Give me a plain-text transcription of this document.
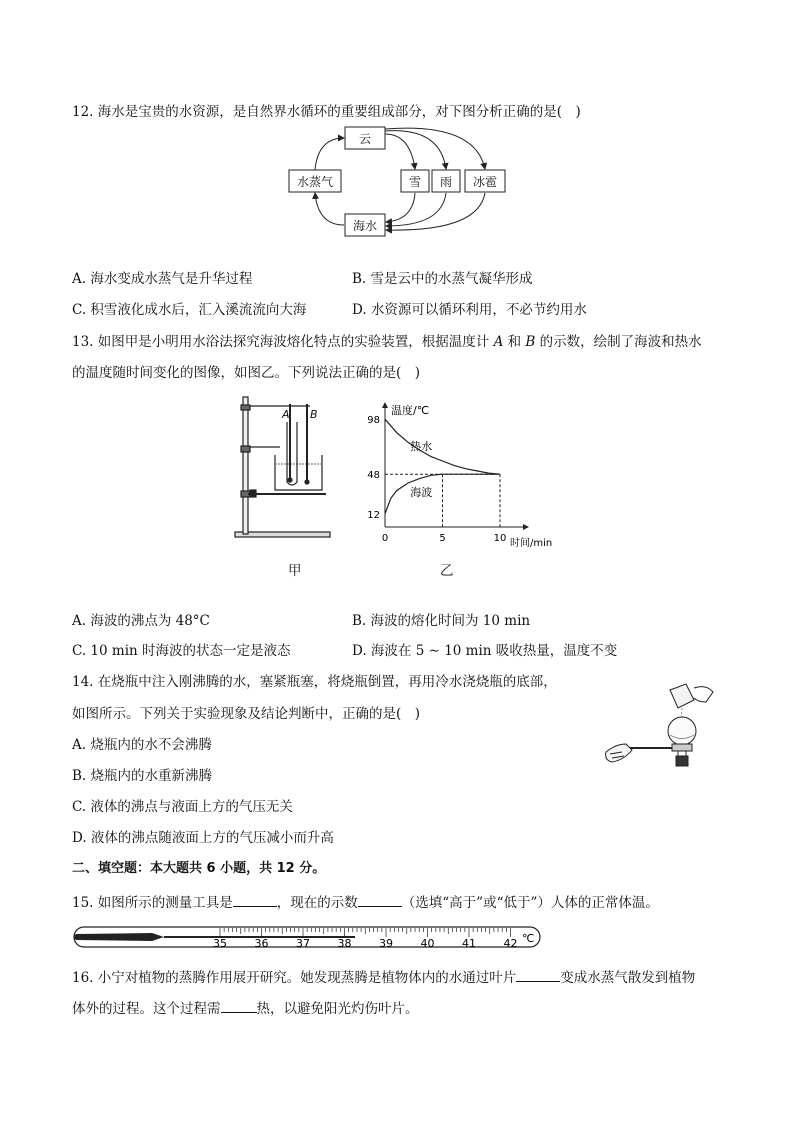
12. 海水是宝贵的水资源，是自然界水循环的重要组成部分，对下图分析正确的是(　)
云
水蒸气	雪 雨 冰雹
海水
A. 海水变成水蒸气是升华过程	B. 雪是云中的水蒸气凝华形成
C. 积雪液化成水后，汇入溪流流向大海	D. 水资源可以循环利用，不必节约用水
13. 如图甲是小明用水浴法探究海波熔化特点的实验装置，根据温度计 A 和 B 的示数，绘制了海波和热水
的温度随时间变化的图像，如图乙。下列说法正确的是(　)
A B
甲
温度/℃
时间/min
98
48
12
0	5	10
热水
海波
乙
A. 海波的沸点为 48°C	B. 海波的熔化时间为 10 min
C. 10 min 时海波的状态一定是液态	D. 海波在 5 ∼ 10 min 吸收热量，温度不变
14. 在烧瓶中注入刚沸腾的水，塞紧瓶塞，将烧瓶倒置，再用冷水浇烧瓶的底部，
如图所示。下列关于实验现象及结论判断中，正确的是(　)
A. 烧瓶内的水不会沸腾
B. 烧瓶内的水重新沸腾
C. 液体的沸点与液面上方的气压无关
D. 液体的沸点随液面上方的气压减小而升高
二、填空题：本大题共 6 小题，共 12 分。
15. 如图所示的测量工具是	，现在的示数	（选填“高于”或“低于”）人体的正常体温。
35	36	37	38	39	40	41	42 ℃
16. 小宁对植物的蒸腾作用展开研究。她发现蒸腾是植物体内的水通过叶片	变成水蒸气散发到植物
体外的过程。这个过程需	热，以避免阳光灼伤叶片。
